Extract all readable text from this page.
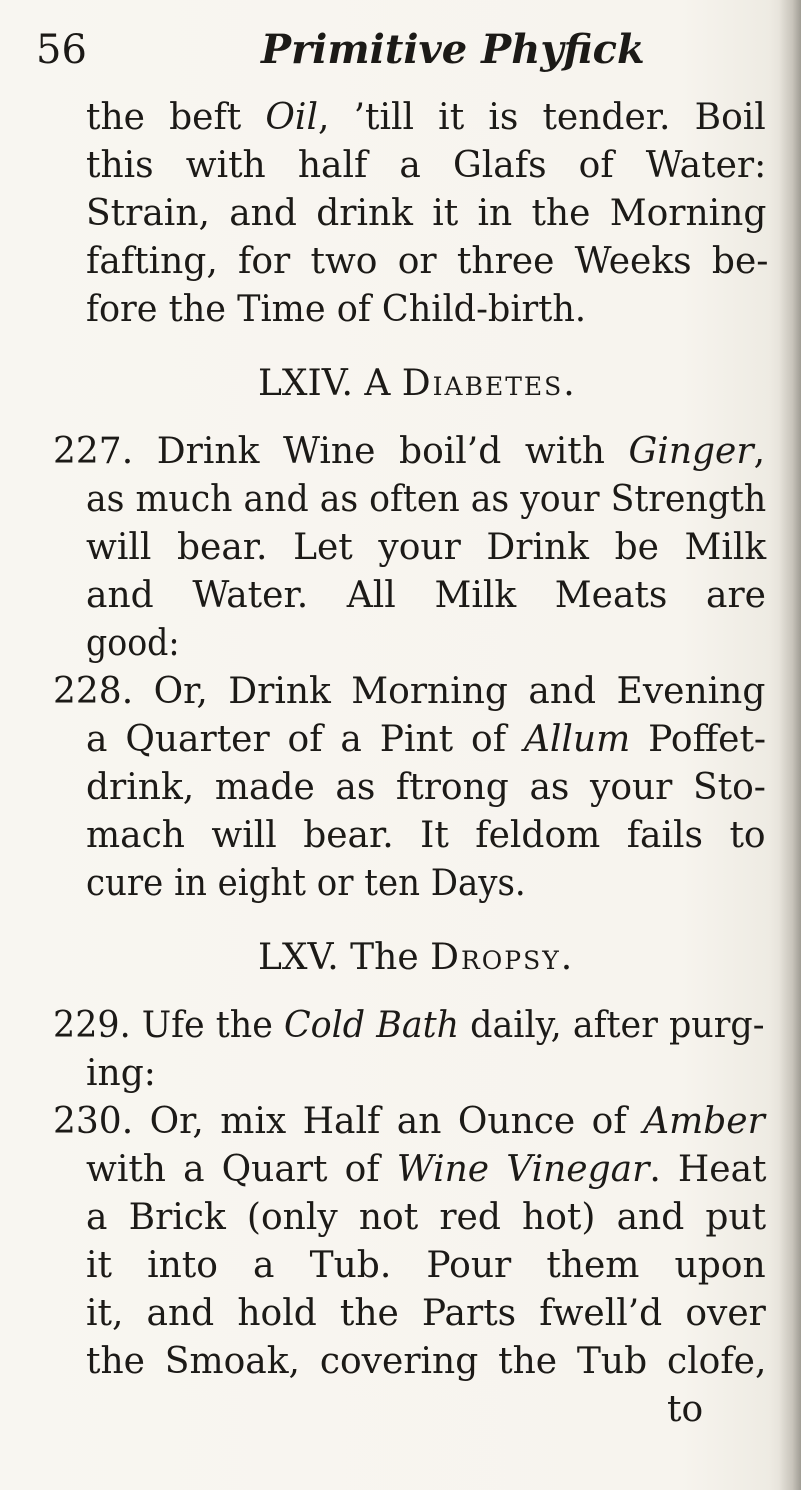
56	Primitive Phyfick
the beft Oil, ’till it is tender. Boil
this with half a Glafs of Water:
Strain, and drink it in the Morning
fafting, for two or three Weeks be-
fore the Time of Child-birth.
LXIV. A Diabetes.
227. Drink Wine boil’d with Ginger,
as much and as often as your Strength
will bear. Let your Drink be Milk
and Water. All Milk Meats are
good:
228. Or, Drink Morning and Evening
a Quarter of a Pint of Allum Poffet-
drink, made as ftrong as your Sto-
mach will bear. It feldom fails to
cure in eight or ten Days.
LXV. The Dropsy.
229. Ufe the Cold Bath daily, after purg-
ing:
230. Or, mix Half an Ounce of Amber
with a Quart of Wine Vinegar. Heat
a Brick (only not red hot) and put
it into a Tub. Pour them upon
it, and hold the Parts fwell’d over
the Smoak, covering the Tub clofe,
to
